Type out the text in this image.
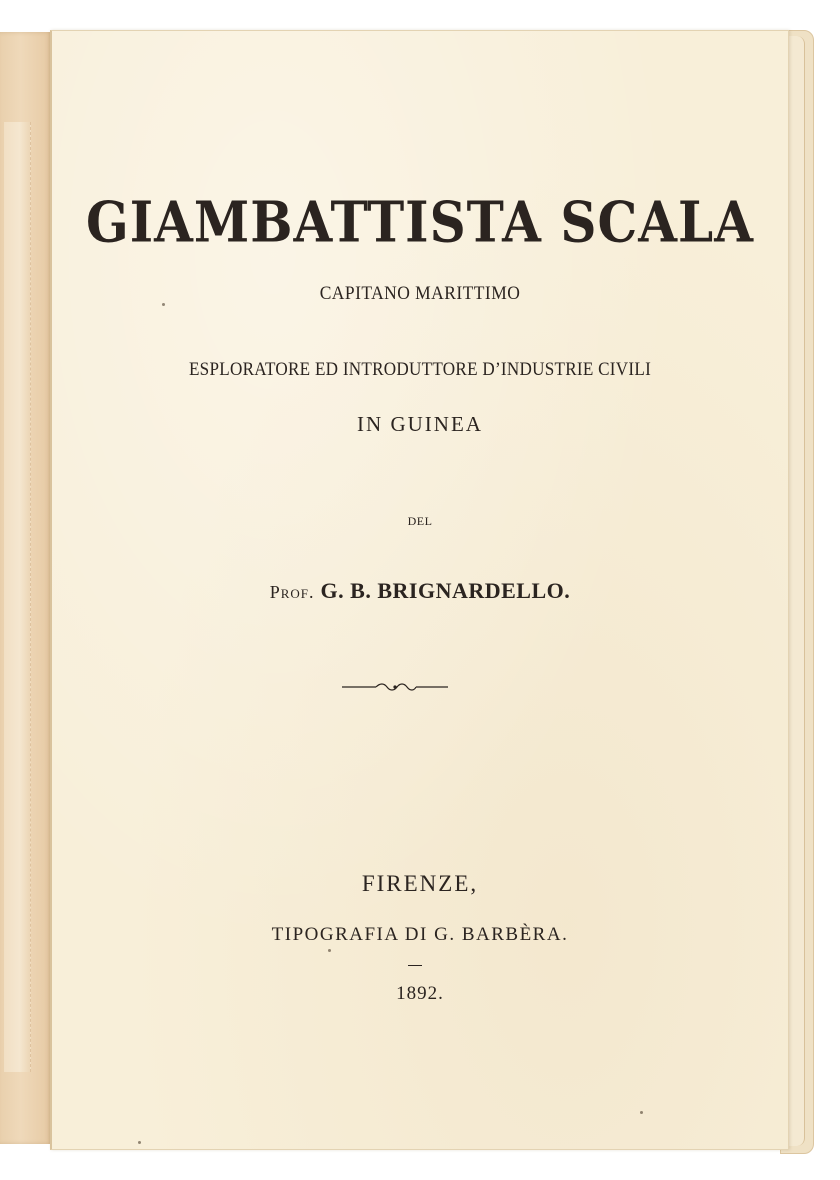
GIAMBATTISTA SCALA
CAPITANO MARITTIMO
ESPLORATORE ED INTRODUTTORE D’INDUSTRIE CIVILI
IN GUINEA
DEL
Prof. G. B. BRIGNARDELLO.
FIRENZE,
TIPOGRAFIA DI G. BARBÈRA.
1892.
